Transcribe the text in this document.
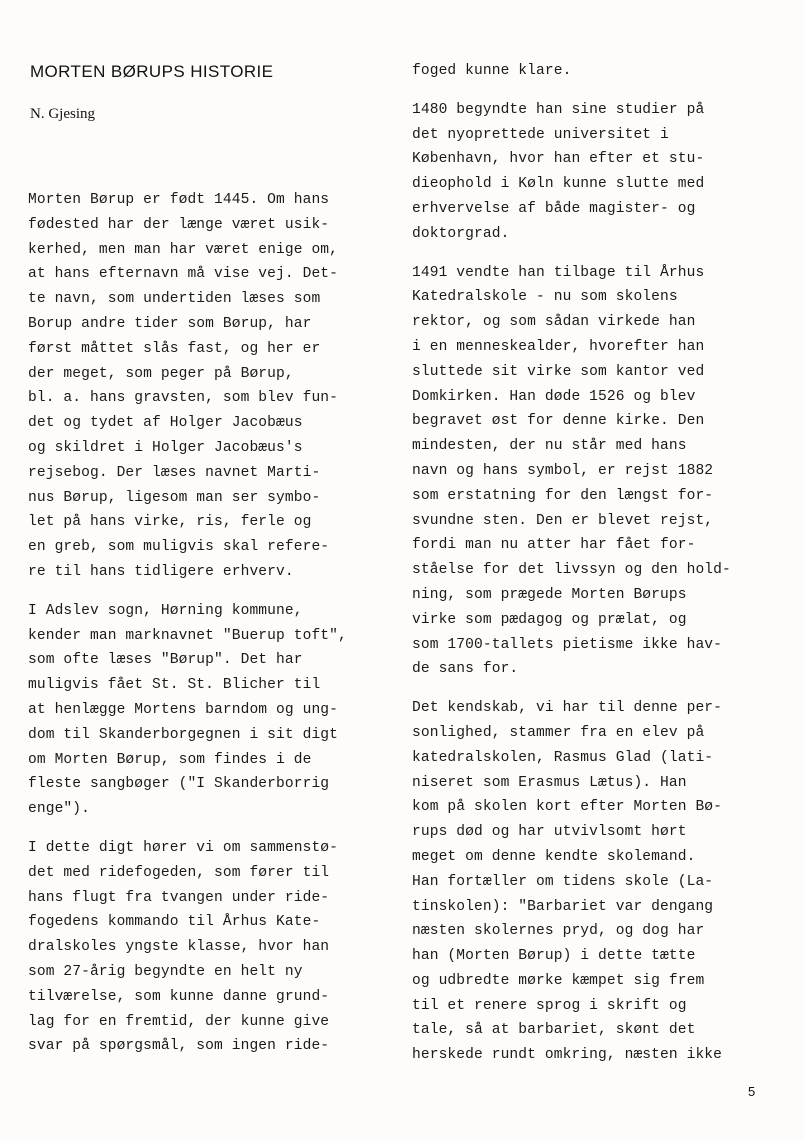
MORTEN BØRUPS HISTORIE
N. Gjesing
Morten Børup er født 1445. Om hans
fødested har der længe været usik-
kerhed, men man har været enige om,
at hans efternavn må vise vej. Det-
te navn, som undertiden læses som
Borup andre tider som Børup, har
først måttet slås fast, og her er
der meget, som peger på Børup,
bl. a. hans gravsten, som blev fun-
det og tydet af Holger Jacobæus
og skildret i Holger Jacobæus's
rejsebog. Der læses navnet Marti-
nus Børup, ligesom man ser symbo-
let på hans virke, ris, ferle og
en greb, som muligvis skal refere-
re til hans tidligere erhverv.
I Adslev sogn, Hørning kommune,
kender man marknavnet "Buerup toft",
som ofte læses "Børup". Det har
muligvis fået St. St. Blicher til
at henlægge Mortens barndom og ung-
dom til Skanderborgegnen i sit digt
om Morten Børup, som findes i de
fleste sangbøger ("I Skanderborrig
enge").
I dette digt hører vi om sammenstø-
det med ridefogeden, som fører til
hans flugt fra tvangen under ride-
fogedens kommando til Århus Kate-
dralskoles yngste klasse, hvor han
som 27-årig begyndte en helt ny
tilværelse, som kunne danne grund-
lag for en fremtid, der kunne give
svar på spørgsmål, som ingen ride-
foged kunne klare.
1480 begyndte han sine studier på
det nyoprettede universitet i
København, hvor han efter et stu-
dieophold i Køln kunne slutte med
erhvervelse af både magister- og
doktorgrad.
1491 vendte han tilbage til Århus
Katedralskole - nu som skolens
rektor, og som sådan virkede han
i en menneskealder, hvorefter han
sluttede sit virke som kantor ved
Domkirken. Han døde 1526 og blev
begravet øst for denne kirke. Den
mindesten, der nu står med hans
navn og hans symbol, er rejst 1882
som erstatning for den længst for-
svundne sten. Den er blevet rejst,
fordi man nu atter har fået for-
ståelse for det livssyn og den hold-
ning, som prægede Morten Børups
virke som pædagog og prælat, og
som 1700-tallets pietisme ikke hav-
de sans for.
Det kendskab, vi har til denne per-
sonlighed, stammer fra en elev på
katedralskolen, Rasmus Glad (lati-
niseret som Erasmus Lætus). Han
kom på skolen kort efter Morten Bø-
rups død og har utvivlsomt hørt
meget om denne kendte skolemand.
Han fortæller om tidens skole (La-
tinskolen): "Barbariet var dengang
næsten skolernes pryd, og dog har
han (Morten Børup) i dette tætte
og udbredte mørke kæmpet sig frem
til et renere sprog i skrift og
tale, så at barbariet, skønt det
herskede rundt omkring, næsten ikke
5
